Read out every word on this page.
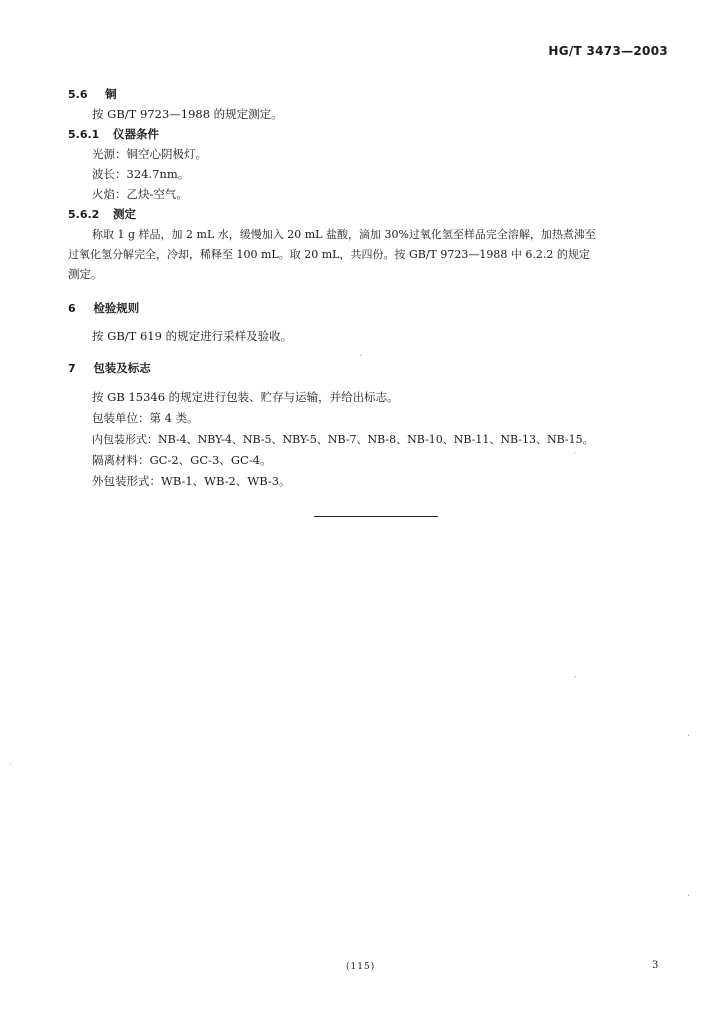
HG/T 3473—2003
5.6 铜
按 GB/T 9723—1988 的规定测定。
5.6.1 仪器条件
光源：铜空心阴极灯。
波长：324.7nm。
火焰：乙炔-空气。
5.6.2 测定
称取 1 g 样品，加 2 mL 水，缓慢加入 20 mL 盐酸，滴加 30%过氧化氢至样品完全溶解，加热煮沸至
过氧化氢分解完全，冷却，稀释至 100 mL。取 20 mL，共四份。按 GB/T 9723—1988 中 6.2.2 的规定
测定。
6 检验规则
按 GB/T 619 的规定进行采样及验收。
7 包装及标志
按 GB 15346 的规定进行包装、贮存与运输，并给出标志。
包装单位：第 4 类。
内包装形式：NB-4、NBY-4、NB-5、NBY-5、NB-7、NB-8、NB-10、NB-11、NB-13、NB-15。
隔离材料：GC-2、GC-3、GC-4。
外包装形式：WB-1、WB-2、WB-3。
(115)	3
